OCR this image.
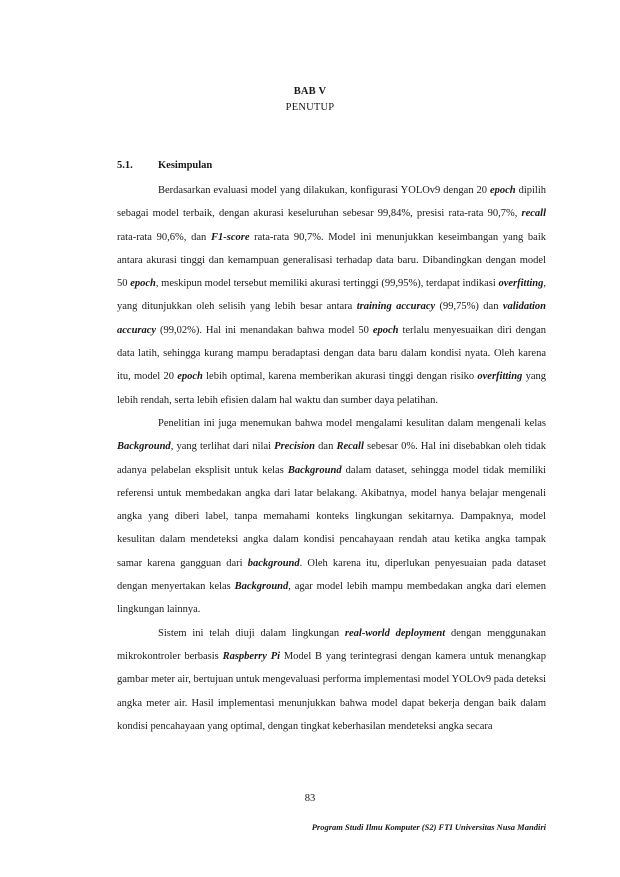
BAB V
PENUTUP
5.1. Kesimpulan

Berdasarkan evaluasi model yang dilakukan, konfigurasi YOLOv9 dengan 20 epoch dipilih sebagai model terbaik, dengan akurasi keseluruhan sebesar 99,84%, presisi rata-rata 90,7%, recall rata-rata 90,6%, dan F1-score rata-rata 90,7%. Model ini menunjukkan keseimbangan yang baik antara akurasi tinggi dan kemampuan generalisasi terhadap data baru. Dibandingkan dengan model 50 epoch, meskipun model tersebut memiliki akurasi tertinggi (99,95%), terdapat indikasi overfitting, yang ditunjukkan oleh selisih yang lebih besar antara training accuracy (99,75%) dan validation accuracy (99,02%). Hal ini menandakan bahwa model 50 epoch terlalu menyesuaikan diri dengan data latih, sehingga kurang mampu beradaptasi dengan data baru dalam kondisi nyata. Oleh karena itu, model 20 epoch lebih optimal, karena memberikan akurasi tinggi dengan risiko overfitting yang lebih rendah, serta lebih efisien dalam hal waktu dan sumber daya pelatihan.

Penelitian ini juga menemukan bahwa model mengalami kesulitan dalam mengenali kelas Background, yang terlihat dari nilai Precision dan Recall sebesar 0%. Hal ini disebabkan oleh tidak adanya pelabelan eksplisit untuk kelas Background dalam dataset, sehingga model tidak memiliki referensi untuk membedakan angka dari latar belakang. Akibatnya, model hanya belajar mengenali angka yang diberi label, tanpa memahami konteks lingkungan sekitarnya. Dampaknya, model kesulitan dalam mendeteksi angka dalam kondisi pencahayaan rendah atau ketika angka tampak samar karena gangguan dari background. Oleh karena itu, diperlukan penyesuaian pada dataset dengan menyertakan kelas Background, agar model lebih mampu membedakan angka dari elemen lingkungan lainnya.

Sistem ini telah diuji dalam lingkungan real-world deployment dengan menggunakan mikrokontroler berbasis Raspberry Pi Model B yang terintegrasi dengan kamera untuk menangkap gambar meter air, bertujuan untuk mengevaluasi performa implementasi model YOLOv9 pada deteksi angka meter air. Hasil implementasi menunjukkan bahwa model dapat bekerja dengan baik dalam kondisi pencahayaan yang optimal, dengan tingkat keberhasilan mendeteksi angka secara

83
Program Studi Ilmu Komputer (S2) FTI Universitas Nusa Mandiri
